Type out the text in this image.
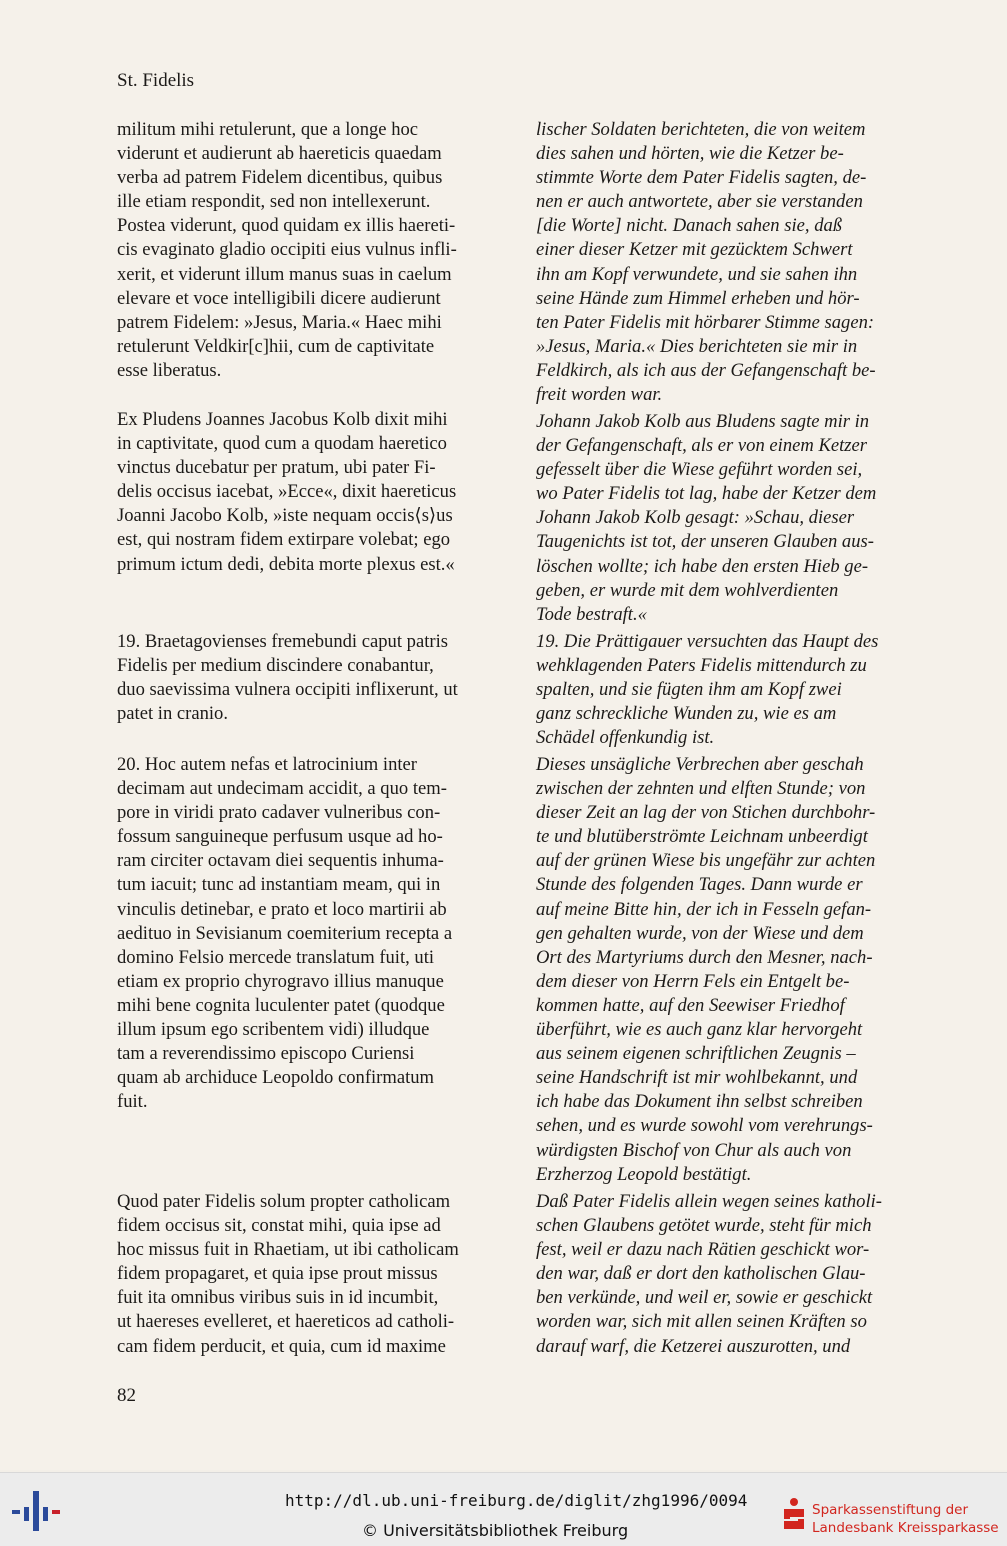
St. Fidelis

militum mihi retulerunt, que a longe hoc
viderunt et audierunt ab haereticis quaedam
verba ad patrem Fidelem dicentibus, quibus
ille etiam respondit, sed non intellexerunt.
Postea viderunt, quod quidam ex illis haereti-
cis evaginato gladio occipiti eius vulnus infli-
xerit, et viderunt illum manus suas in caelum
elevare et voce intelligibili dicere audierunt
patrem Fidelem: »Jesus, Maria.« Haec mihi
retulerunt Veldkir[c]hii, cum de captivitate
esse liberatus.

Ex Pludens Joannes Jacobus Kolb dixit mihi
in captivitate, quod cum a quodam haeretico
vinctus ducebatur per pratum, ubi pater Fi-
delis occisus iacebat, »Ecce«, dixit haereticus
Joanni Jacobo Kolb, »iste nequam occis⟨s⟩us
est, qui nostram fidem extirpare volebat; ego
primum ictum dedi, debita morte plexus est.«

19. Braetagovienses fremebundi caput patris
Fidelis per medium discindere conabantur,
duo saevissima vulnera occipiti inflixerunt, ut
patet in cranio.

20. Hoc autem nefas et latrocinium inter
decimam aut undecimam accidit, a quo tem-
pore in viridi prato cadaver vulneribus con-
fossum sanguineque perfusum usque ad ho-
ram circiter octavam diei sequentis inhuma-
tum iacuit; tunc ad instantiam meam, qui in
vinculis detinebar, e prato et loco martirii ab
aedituo in Sevisianum coemiterium recepta a
domino Felsio mercede translatum fuit, uti
etiam ex proprio chyrogravo illius manuque
mihi bene cognita luculenter patet (quodque
illum ipsum ego scribentem vidi) illudque
tam a reverendissimo episcopo Curiensi
quam ab archiduce Leopoldo confirmatum
fuit.

Quod pater Fidelis solum propter catholicam
fidem occisus sit, constat mihi, quia ipse ad
hoc missus fuit in Rhaetiam, ut ibi catholicam
fidem propagaret, et quia ipse prout missus
fuit ita omnibus viribus suis in id incumbit,
ut haereses evelleret, et haereticos ad catholi-
cam fidem perducit, et quia, cum id maxime

lischer Soldaten berichteten, die von weitem
dies sahen und hörten, wie die Ketzer be-
stimmte Worte dem Pater Fidelis sagten, de-
nen er auch antwortete, aber sie verstanden
[die Worte] nicht. Danach sahen sie, daß
einer dieser Ketzer mit gezücktem Schwert
ihn am Kopf verwundete, und sie sahen ihn
seine Hände zum Himmel erheben und hör-
ten Pater Fidelis mit hörbarer Stimme sagen:
»Jesus, Maria.« Dies berichteten sie mir in
Feldkirch, als ich aus der Gefangenschaft be-
freit worden war.

Johann Jakob Kolb aus Bludens sagte mir in
der Gefangenschaft, als er von einem Ketzer
gefesselt über die Wiese geführt worden sei,
wo Pater Fidelis tot lag, habe der Ketzer dem
Johann Jakob Kolb gesagt: »Schau, dieser
Taugenichts ist tot, der unseren Glauben aus-
löschen wollte; ich habe den ersten Hieb ge-
geben, er wurde mit dem wohlverdienten
Tode bestraft.«

19. Die Prättigauer versuchten das Haupt des
wehklagenden Paters Fidelis mittendurch zu
spalten, und sie fügten ihm am Kopf zwei
ganz schreckliche Wunden zu, wie es am
Schädel offenkundig ist.

Dieses unsägliche Verbrechen aber geschah
zwischen der zehnten und elften Stunde; von
dieser Zeit an lag der von Stichen durchbohr-
te und blutüberströmte Leichnam unbeerdigt
auf der grünen Wiese bis ungefähr zur achten
Stunde des folgenden Tages. Dann wurde er
auf meine Bitte hin, der ich in Fesseln gefan-
gen gehalten wurde, von der Wiese und dem
Ort des Martyriums durch den Mesner, nach-
dem dieser von Herrn Fels ein Entgelt be-
kommen hatte, auf den Seewiser Friedhof
überführt, wie es auch ganz klar hervorgeht
aus seinem eigenen schriftlichen Zeugnis –
seine Handschrift ist mir wohlbekannt, und
ich habe das Dokument ihn selbst schreiben
sehen, und es wurde sowohl vom verehrungs-
würdigsten Bischof von Chur als auch von
Erzherzog Leopold bestätigt.

Daß Pater Fidelis allein wegen seines katholi-
schen Glaubens getötet wurde, steht für mich
fest, weil er dazu nach Rätien geschickt wor-
den war, daß er dort den katholischen Glau-
ben verkünde, und weil er, sowie er geschickt
worden war, sich mit allen seinen Kräften so
darauf warf, die Ketzerei auszurotten, und

82
http://dl.ub.uni-freiburg.de/diglit/zhg1996/0094
© Universitätsbibliothek Freiburg
Sparkassenstiftung der
Landesbank Kreissparkasse
